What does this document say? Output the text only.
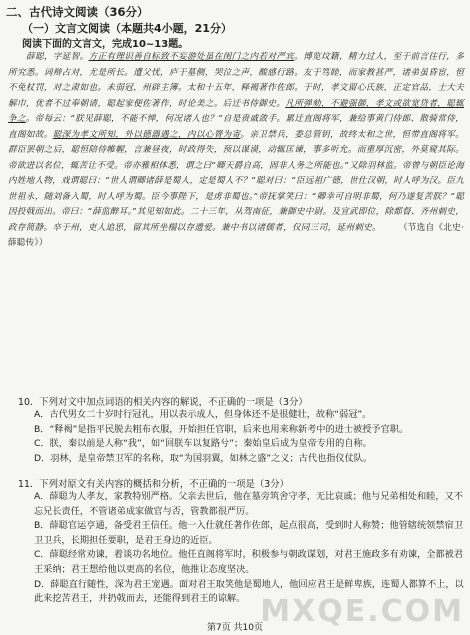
二、古代诗文阅读（36分）
（一）文言文阅读（本题共4小题，21分）
阅读下面的文言文，完成10~13题。
薛聪，字延智。方正有理识善自标致不妄游处虽在闺门之内若对严宾。博览坟籍，精力过人，至于前言往行，多所究悉。词辩占对，尤是所长。遭父忧，庐于墓侧，哭泣之声，酸感行路。友于笃睦，而家教甚严，诸弟虽昏宦，恒不免杖罚，对之肃如也。未弱冠，州辟主簿。太和十五年，释褐著作佐郎。于时，孝文留心氏族，正定官品，士大夫解巾，优者不过奉朝请，聪起家便佐著作，时论美之。后迁书侍御史。凡所弹劾，不避强御，孝文或欲宽贷者，聪辄争之。帝每云：“朕见薛聪，不能不惮，何况诸人也？”自是贵戚敛手。累迁直阁将军，兼给事黄门侍郎、散骑常侍，直阁如故。聪深为孝文所知，外以德器遇之，内以心膂为寄。亲卫禁兵，委总管钥，故终太和之世，恒带直阁将军。群臣罢朝之后，聪恒陪侍帷幄，言兼昼夜，时政得失，预以谋谟，动辄匡谏，事多听允。而重厚沉密，外莫窥其际。帝欲进以名位，辄苦让不受。帝亦雅相体悉，谓之曰“卿天爵自高，固非人务之所能也。”又除羽林监。帝曾与朝臣论海内姓地人物，戏谓聪曰：“世人谓卿诸薛是蜀人，定是蜀人不？”聪对曰：“臣远祖广德，世仕汉朝，时人呼为汉。臣九世祖永，随刘备入蜀，时人呼为蜀。臣今事陛下，是虏非蜀也。”帝抚掌笑曰：“卿幸可自明非蜀，何乃遂复苦朕？”聪因投戟而出。帝曰：“薛监醉耳。”其见知如此。二十三年，从驾南征，兼御史中尉。及宣武即位，除都督、齐州刺史，政存简静。卒于州，吏人追思，留其所坐榻以存遗爱。兼中书以诸儒者，仅同三司，延州刺史。 （节选自《北史·薛聪传》）
10．下列对文中加点词语的相关内容的解说，不正确的一项是（3分）
A．古代男女二十岁时行冠礼，用以表示成人，但身体还不是很健壮，故称“弱冠”。
B．“释褐”是指平民脱去粗布衣服，开始担任官职，后来也用来称新考中的进士被授予官职。
C．朕，秦以前是人称“我”，如“回朕车以复路兮”；秦始皇后成为皇帝专用的自称。
D．羽林，是皇帝禁卫军的名称，取“为国羽翼，如林之盛”之义；古代也指仪仗队。
11．下列对原文有关内容的概括和分析，不正确的一项是（3分）
A．薛聪为人孝友，家教特别严格。父亲去世后，他在墓旁筑舍守孝，无比哀戚；他与兄弟相处和睦，又不忘兄长责任，不管诸弟成家做官与否，管教都很严厉。
B．薛聪官运亨通，备受君王信任。他一入仕就任著作佐郎，起点很高，受到时人称赞；他管辖统领禁宿卫卫卫兵，长期担任要职，是君王身边的近臣。
C．薛聪经常劝谏，着谈功名地位。他任直阁将军时，积极参与朝政谋划，对君王施政多有劝谏，全都被君王采纳；君王想给他以更高的名位，他推让态度坚决。
D．薛聪直行随性，深为君王宠遇。面对君王取笑他是蜀地人，他回应君王是鲜卑族，连蜀人都算不上，以此来挖苦君王，并扔戟而去，还能得到君王的谅解。
第7页 共10页
MXQE.COM
